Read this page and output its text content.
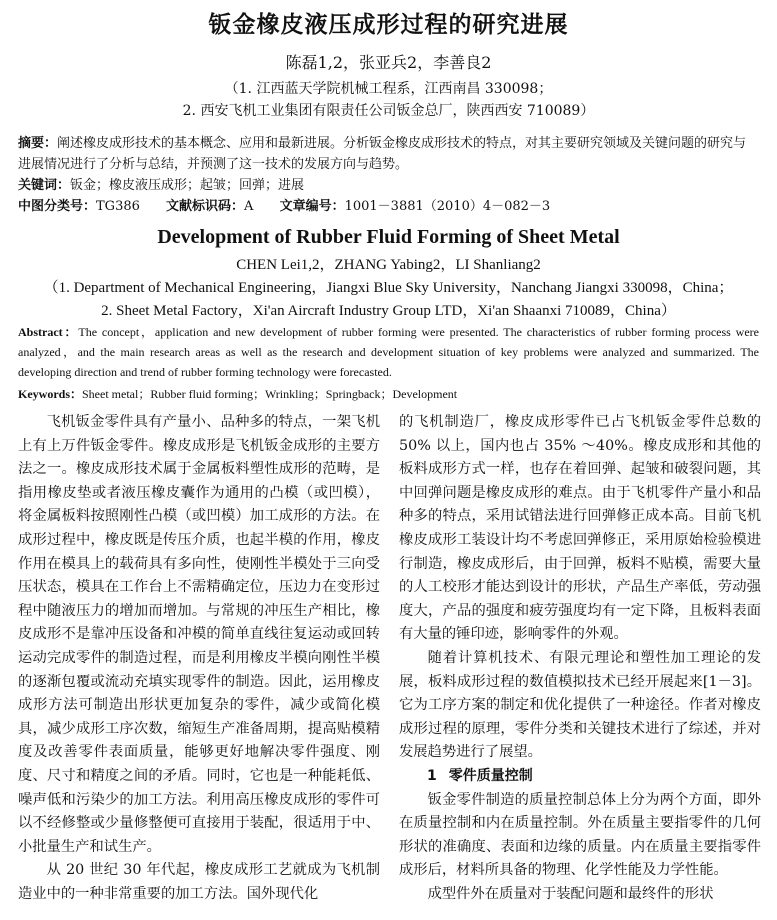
钣金橡皮液压成形过程的研究进展
陈磊1,2，张亚兵2，李善良2
（1. 江西蓝天学院机械工程系，江西南昌 330098；
2. 西安飞机工业集团有限责任公司钣金总厂，陕西西安 710089）
摘要：阐述橡皮成形技术的基本概念、应用和最新进展。分析钣金橡皮成形技术的特点，对其主要研究领域及关键问题的研究与进展情况进行了分析与总结，并预测了这一技术的发展方向与趋势。
关键词：钣金；橡皮液压成形；起皱；回弹；进展
中图分类号：TG386 文献标识码：A 文章编号：1001－3881（2010）4－082－3
Development of Rubber Fluid Forming of Sheet Metal
CHEN Lei1,2，ZHANG Yabing2，LI Shanliang2
（1. Department of Mechanical Engineering，Jiangxi Blue Sky University，Nanchang Jiangxi 330098，China；
2. Sheet Metal Factory，Xi'an Aircraft Industry Group LTD，Xi'an Shaanxi 710089，China）
Abstract：The concept，application and new development of rubber forming were presented. The characteristics of rubber forming process were analyzed，and the main research areas as well as the research and development situation of key problems were analyzed and summarized. The developing direction and trend of rubber forming technology were forecasted.
Keywords：Sheet metal；Rubber fluid forming；Wrinkling；Springback；Development

飞机钣金零件具有产量小、品种多的特点，一架飞机上有上万件钣金零件。橡皮成形是飞机钣金成形的主要方法之一。橡皮成形技术属于金属板料塑性成形的范畴，是指用橡皮垫或者液压橡皮囊作为通用的凸模（或凹模），将金属板料按照刚性凸模（或凹模）加工成形的方法。在成形过程中，橡皮既是传压介质，也起半模的作用，橡皮作用在模具上的载荷具有多向性，使刚性半模处于三向受压状态，模具在工作台上不需精确定位，压边力在变形过程中随液压力的增加而增加。与常规的冲压生产相比，橡皮成形不是靠冲压设备和冲模的简单直线往复运动或回转运动完成零件的制造过程，而是利用橡皮半模向刚性半模的逐渐包覆或流动充填实现零件的制造。因此，运用橡皮成形方法可制造出形状更加复杂的零件，减少或简化模具，减少成形工序次数，缩短生产准备周期，提高贴模精度及改善零件表面质量，能够更好地解决零件强度、刚度、尺寸和精度之间的矛盾。同时，它也是一种能耗低、噪声低和污染少的加工方法。利用高压橡皮成形的零件可以不经修整或少量修整便可直接用于装配，很适用于中、小批量生产和试生产。

从 20 世纪 30 年代起，橡皮成形工艺就成为飞机制造业中的一种非常重要的加工方法。国外现代化

的飞机制造厂，橡皮成形零件已占飞机钣金零件总数的 50% 以上，国内也占 35% ～40%。橡皮成形和其他的板料成形方式一样，也存在着回弹、起皱和破裂问题，其中回弹问题是橡皮成形的难点。由于飞机零件产量小和品种多的特点，采用试错法进行回弹修正成本高。目前飞机橡皮成形工装设计均不考虑回弹修正，采用原始检验模进行制造，橡皮成形后，由于回弹，板料不贴模，需要大量的人工校形才能达到设计的形状，产品生产率低，劳动强度大，产品的强度和疲劳强度均有一定下降，且板料表面有大量的锤印迹，影响零件的外观。

随着计算机技术、有限元理论和塑性加工理论的发展，板料成形过程的数值模拟技术已经开展起来[1－3]。它为工序方案的制定和优化提供了一种途径。作者对橡皮成形过程的原理，零件分类和关键技术进行了综述，并对发展趋势进行了展望。

1 零件质量控制

钣金零件制造的质量控制总体上分为两个方面，即外在质量控制和内在质量控制。外在质量主要指零件的几何形状的准确度、表面和边缘的质量。内在质量主要指零件成形后，材料所具备的物理、化学性能及力学性能。

成型件外在质量对于装配问题和最终件的形状
